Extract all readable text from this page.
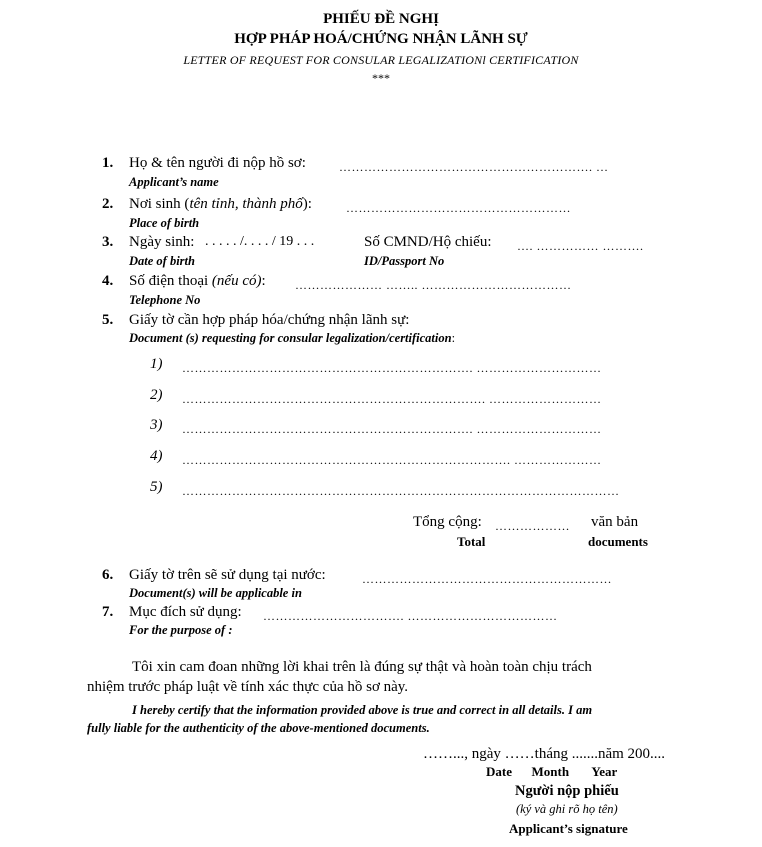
PHIẾU ĐỀ NGHỊ
HỢP PHÁP HOÁ/CHỨNG NHẬN LÃNH SỰ
LETTER OF REQUEST FOR CONSULAR LEGALIZATIONl CERTIFICATION
***
1. Họ & tên người đi nộp hồ sơ:	……………………………………………………. …
Applicant’s name
2. Nơi sinh (tên tỉnh, thành phố):	………………………………………………
Place of birth
3. Ngày sinh: . . . . . /. . . . / 19 . . .	Số CMND/Hộ chiếu: …. …………… ……….
Date of birth	ID/Passport No
4. Số điện thoại (nếu có): ………………… …….. ………………………………
Telephone No
5. Giấy tờ cần hợp pháp hóa/chứng nhận lãnh sự:
Document (s) requesting for consular legalization/certification:
1) ……………………………………………………………. …………………………
2) ………………………………………………………………. ………………………
3) ……………………………………………………………. …………………………
4) ……………………………………………………………………. …………………
5) ……………………………………………………………………………………………
Tổng cộng: ………………	văn bản
Total	documents
6. Giấy tờ trên sẽ sử dụng tại nước:	……………………………………………………
Document(s) will be applicable in
7. Mục đích sử dụng: ……………………………. ………………………………
For the purpose of :
Tôi xin cam đoan những lời khai trên là đúng sự thật và hoàn toàn chịu trách
nhiệm trước pháp luật về tính xác thực của hồ sơ này.
I hereby certify that the information provided above is true and correct in all details. I am
fully liable for the authenticity of the above-mentioned documents.
……..., ngày ……tháng .......năm 200....
Date      Month       Year
Người nộp phiếu
(ký và ghi rõ họ tên)
Applicant’s signature
